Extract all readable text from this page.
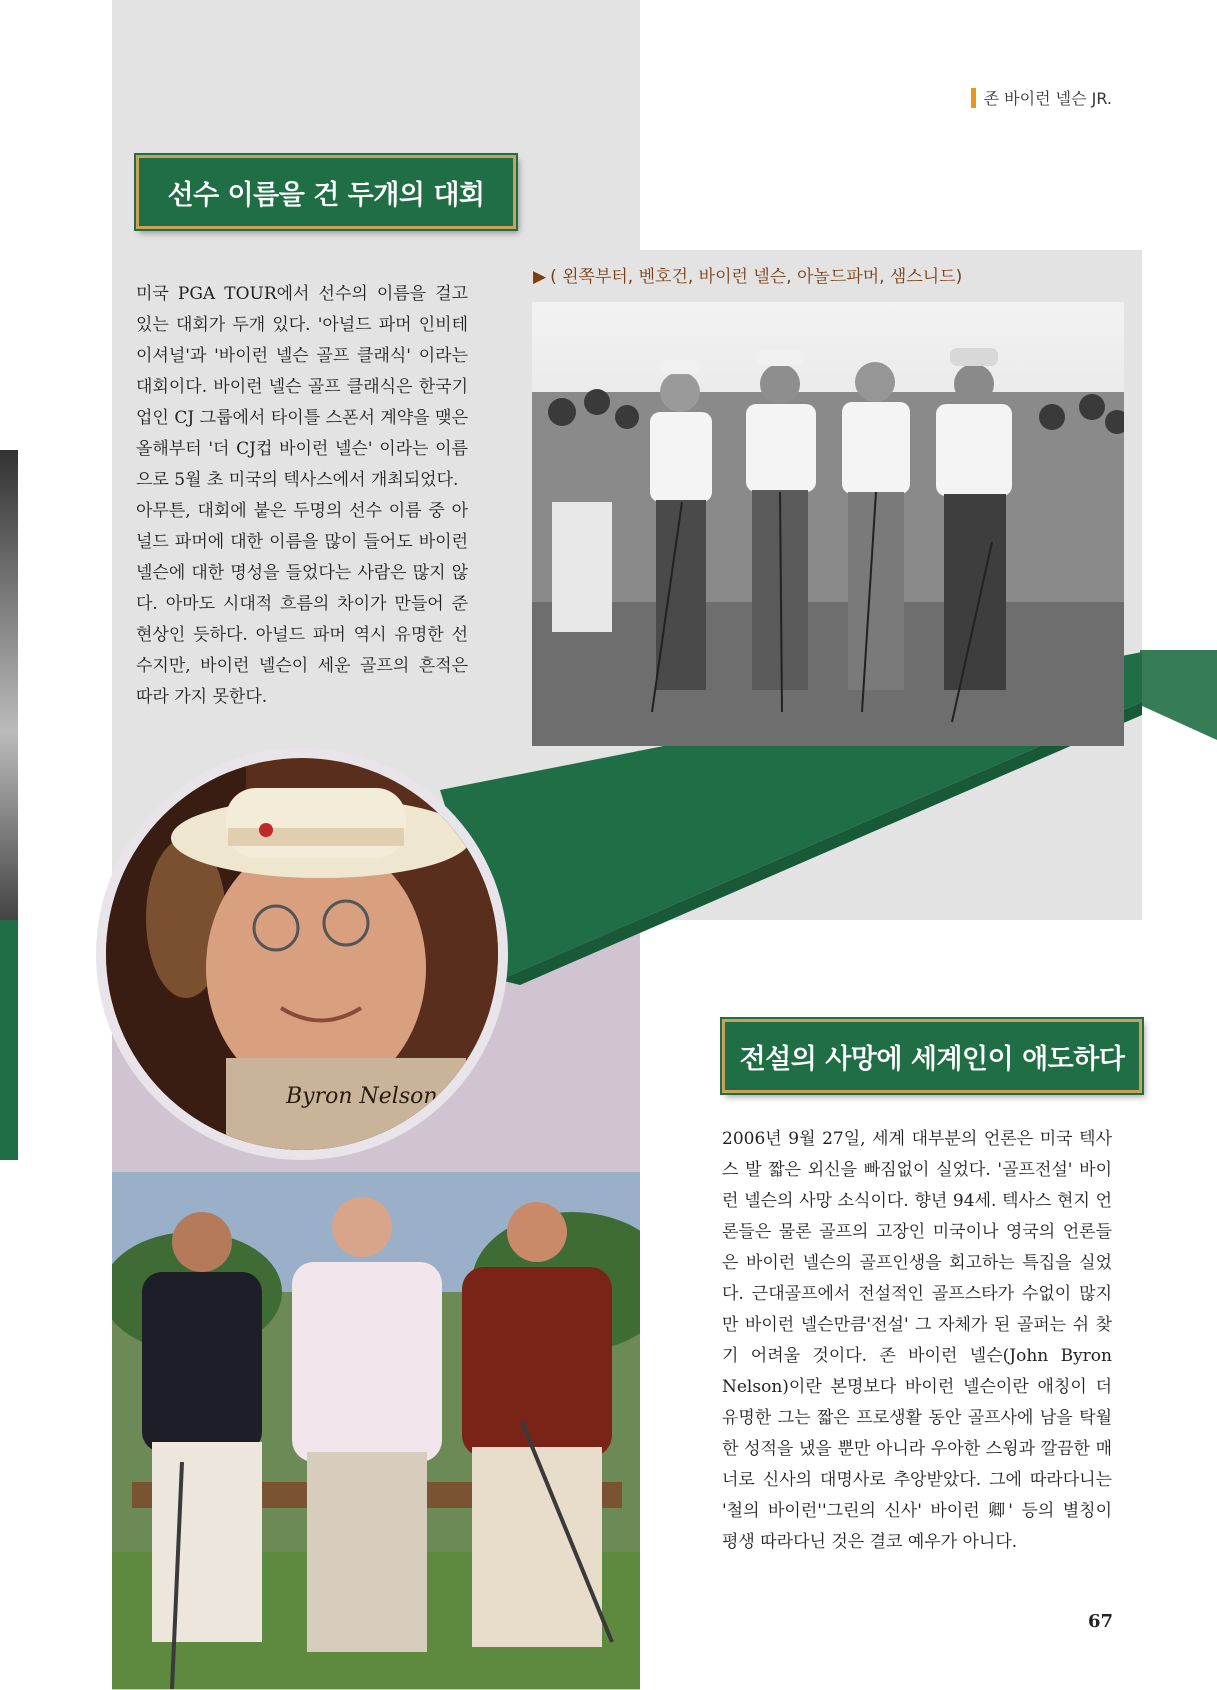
존 바이런 넬슨 JR.
선수 이름을 건 두개의 대회
미국 PGA TOUR에서 선수의 이름을 걸고 있는 대회가 두개 있다. '아널드 파머 인비테이셔널'과 '바이런 넬슨 골프 클래식' 이라는 대회이다. 바이런 넬슨 골프 클래식은 한국기업인 CJ 그룹에서 타이틀 스폰서 계약을 맺은 올해부터 '더 CJ컵 바이런 넬슨' 이라는 이름으로 5월 초 미국의 텍사스에서 개최되었다.
아무튼, 대회에 붙은 두명의 선수 이름 중 아널드 파머에 대한 이름을 많이 들어도 바이런 넬슨에 대한 명성을 들었다는 사람은 많지 않다. 아마도 시대적 흐름의 차이가 만들어 준 현상인 듯하다. 아널드 파머 역시 유명한 선수지만, 바이런 넬슨이 세운 골프의 흔적은 따라 가지 못한다.
▶ ( 왼쪽부터, 벤호건, 바이런 넬슨, 아놀드파머, 샘스니드)
Byron Nelson
전설의 사망에 세계인이 애도하다
2006년 9월 27일, 세계 대부분의 언론은 미국 텍사스 발 짧은 외신을 빠짐없이 실었다. '골프전설' 바이런 넬슨의 사망 소식이다. 향년 94세. 텍사스 현지 언론들은 물론 골프의 고장인 미국이나 영국의 언론들은 바이런 넬슨의 골프인생을 회고하는 특집을 실었다. 근대골프에서 전설적인 골프스타가 수없이 많지만 바이런 넬슨만큼'전설' 그 자체가 된 골퍼는 쉬 찾기 어려울 것이다. 존 바이런 넬슨(John Byron Nelson)이란 본명보다 바이런 넬슨이란 애칭이 더 유명한 그는 짧은 프로생활 동안 골프사에 남을 탁월한 성적을 냈을 뿐만 아니라 우아한 스윙과 깔끔한 매너로 신사의 대명사로 추앙받았다. 그에 따라다니는 '철의 바이런''그린의 신사' 바이런 卿' 등의 별칭이 평생 따라다닌 것은 결코 예우가 아니다.
67
